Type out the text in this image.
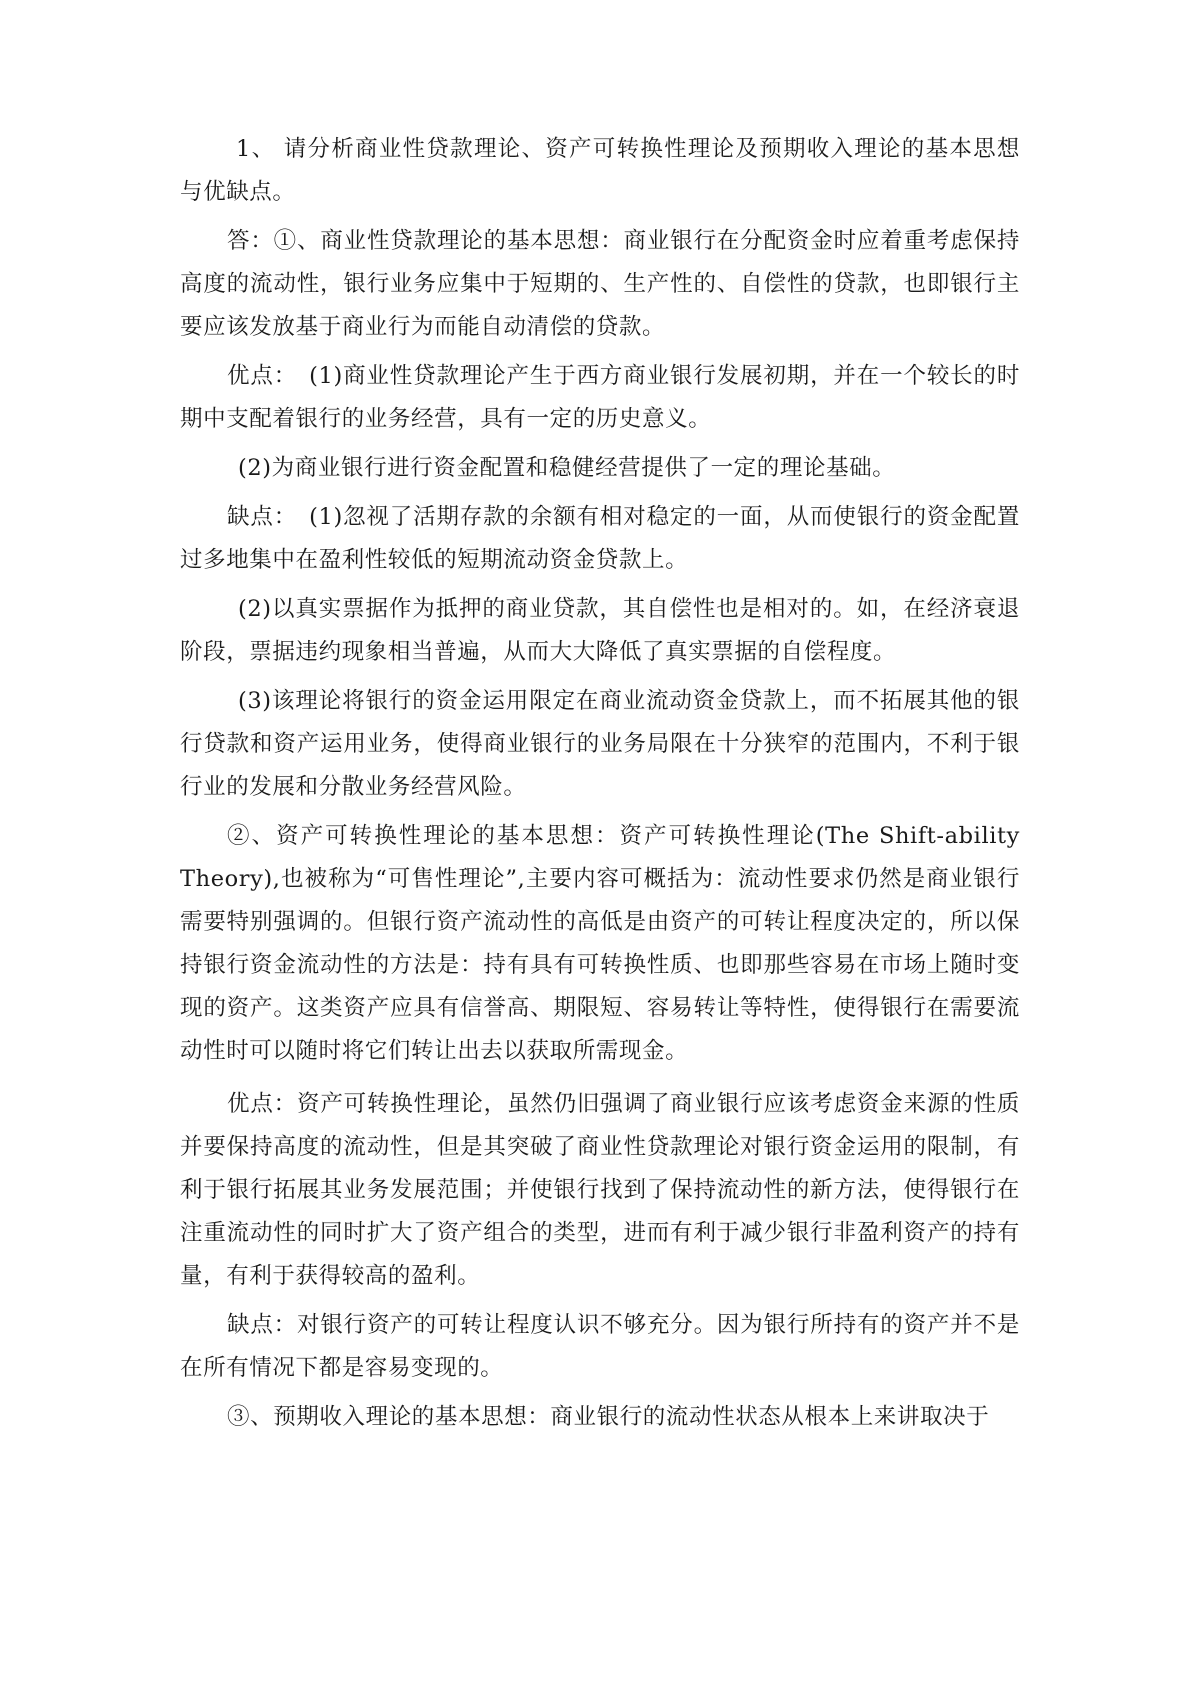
1、 请分析商业性贷款理论、资产可转换性理论及预期收入理论的基本思想与优缺点。

答：①、商业性贷款理论的基本思想：商业银行在分配资金时应着重考虑保持高度的流动性，银行业务应集中于短期的、生产性的、自偿性的贷款，也即银行主要应该发放基于商业行为而能自动清偿的贷款。

优点：　(1)商业性贷款理论产生于西方商业银行发展初期，并在一个较长的时期中支配着银行的业务经营，具有一定的历史意义。

(2)为商业银行进行资金配置和稳健经营提供了一定的理论基础。

缺点：　(1)忽视了活期存款的余额有相对稳定的一面，从而使银行的资金配置过多地集中在盈利性较低的短期流动资金贷款上。

(2)以真实票据作为抵押的商业贷款，其自偿性也是相对的。如，在经济衰退阶段，票据违约现象相当普遍，从而大大降低了真实票据的自偿程度。

(3)该理论将银行的资金运用限定在商业流动资金贷款上，而不拓展其他的银行贷款和资产运用业务，使得商业银行的业务局限在十分狭窄的范围内，不利于银行业的发展和分散业务经营风险。

②、资产可转换性理论的基本思想：资产可转换性理论(The Shift-ability Theory),也被称为“可售性理论”,主要内容可概括为：流动性要求仍然是商业银行需要特别强调的。但银行资产流动性的高低是由资产的可转让程度决定的，所以保持银行资金流动性的方法是：持有具有可转换性质、也即那些容易在市场上随时变现的资产。这类资产应具有信誉高、期限短、容易转让等特性，使得银行在需要流动性时可以随时将它们转让出去以获取所需现金。

优点：资产可转换性理论，虽然仍旧强调了商业银行应该考虑资金来源的性质并要保持高度的流动性，但是其突破了商业性贷款理论对银行资金运用的限制，有利于银行拓展其业务发展范围；并使银行找到了保持流动性的新方法，使得银行在注重流动性的同时扩大了资产组合的类型，进而有利于减少银行非盈利资产的持有量，有利于获得较高的盈利。

缺点：对银行资产的可转让程度认识不够充分。因为银行所持有的资产并不是在所有情况下都是容易变现的。

③、预期收入理论的基本思想：商业银行的流动性状态从根本上来讲取决于
